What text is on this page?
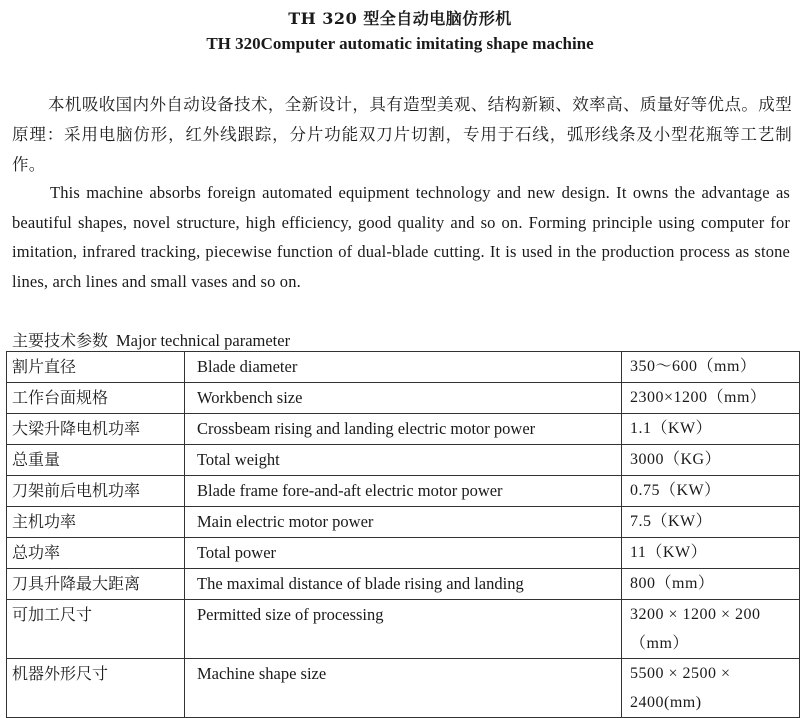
TH 320 型全自动电脑仿形机
TH 320Computer automatic imitating shape machine
本机吸收国内外自动设备技术，全新设计，具有造型美观、结构新颖、效率高、质量好等优点。成型原理：采用电脑仿形，红外线跟踪，分片功能双刀片切割，专用于石线，弧形线条及小型花瓶等工艺制作。
This machine absorbs foreign automated equipment technology and new design. It owns the advantage as beautiful shapes, novel structure, high efficiency, good quality and so on. Forming principle using computer for imitation, infrared tracking, piecewise function of dual-blade cutting. It is used in the production process as stone lines, arch lines and small vases and so on.
主要技术参数 Major technical parameter
割片直径	Blade diameter	350～600（mm）
工作台面规格	Workbench size	2300×1200（mm）
大梁升降电机功率	Crossbeam rising and landing electric motor power	1.1（KW）
总重量	Total weight	3000（KG）
刀架前后电机功率	Blade frame fore-and-aft electric motor power	0.75（KW）
主机功率	Main electric motor power	7.5（KW）
总功率	Total power	11（KW）
刀具升降最大距离	The maximal distance of blade rising and landing	800（mm）
可加工尺寸	Permitted size of processing	3200 × 1200 × 200 （mm）
机器外形尺寸	Machine shape size	5500 × 2500 × 2400(mm)
